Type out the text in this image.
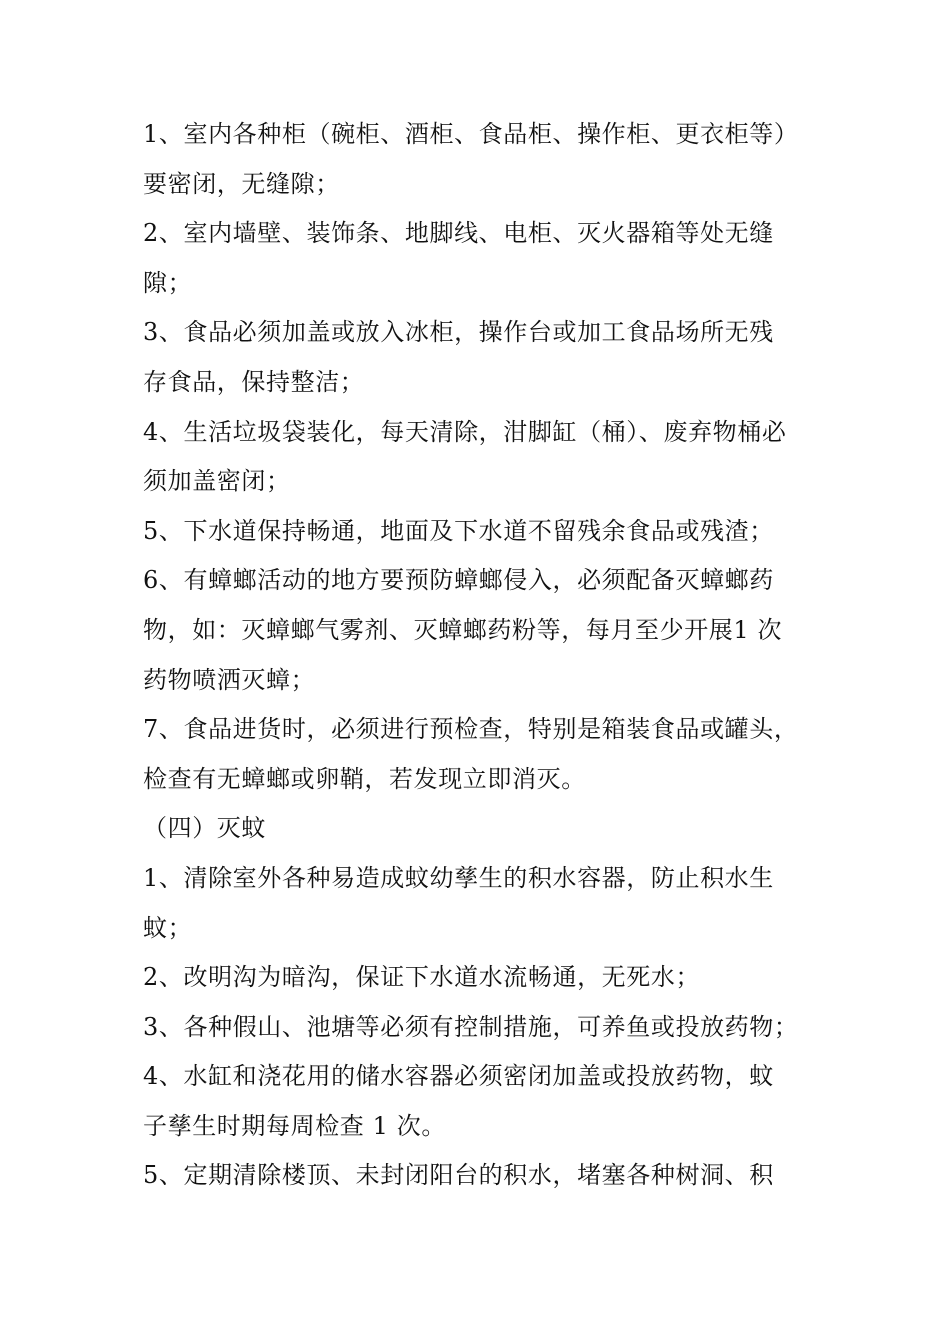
1、室内各种柜（碗柜、酒柜、食品柜、操作柜、更衣柜等）
要密闭，无缝隙；
2、室内墙壁、装饰条、地脚线、电柜、灭火器箱等处无缝
隙；
3、食品必须加盖或放入冰柜，操作台或加工食品场所无残
存食品，保持整洁；
4、生活垃圾袋装化，每天清除，泔脚缸（桶）、废弃物桶必
须加盖密闭；
5、下水道保持畅通，地面及下水道不留残余食品或残渣；
6、有蟑螂活动的地方要预防蟑螂侵入，必须配备灭蟑螂药
物，如：灭蟑螂气雾剂、灭蟑螂药粉等，每月至少开展1 次
药物喷洒灭蟑；
7、食品进货时，必须进行预检查，特别是箱装食品或罐头，
检查有无蟑螂或卵鞘，若发现立即消灭。
（四）灭蚊
1、清除室外各种易造成蚊幼孳生的积水容器，防止积水生
蚊；
2、改明沟为暗沟，保证下水道水流畅通，无死水；
3、各种假山、池塘等必须有控制措施，可养鱼或投放药物；
4、水缸和浇花用的储水容器必须密闭加盖或投放药物，蚊
子孳生时期每周检查 1 次。
5、定期清除楼顶、未封闭阳台的积水，堵塞各种树洞、积
